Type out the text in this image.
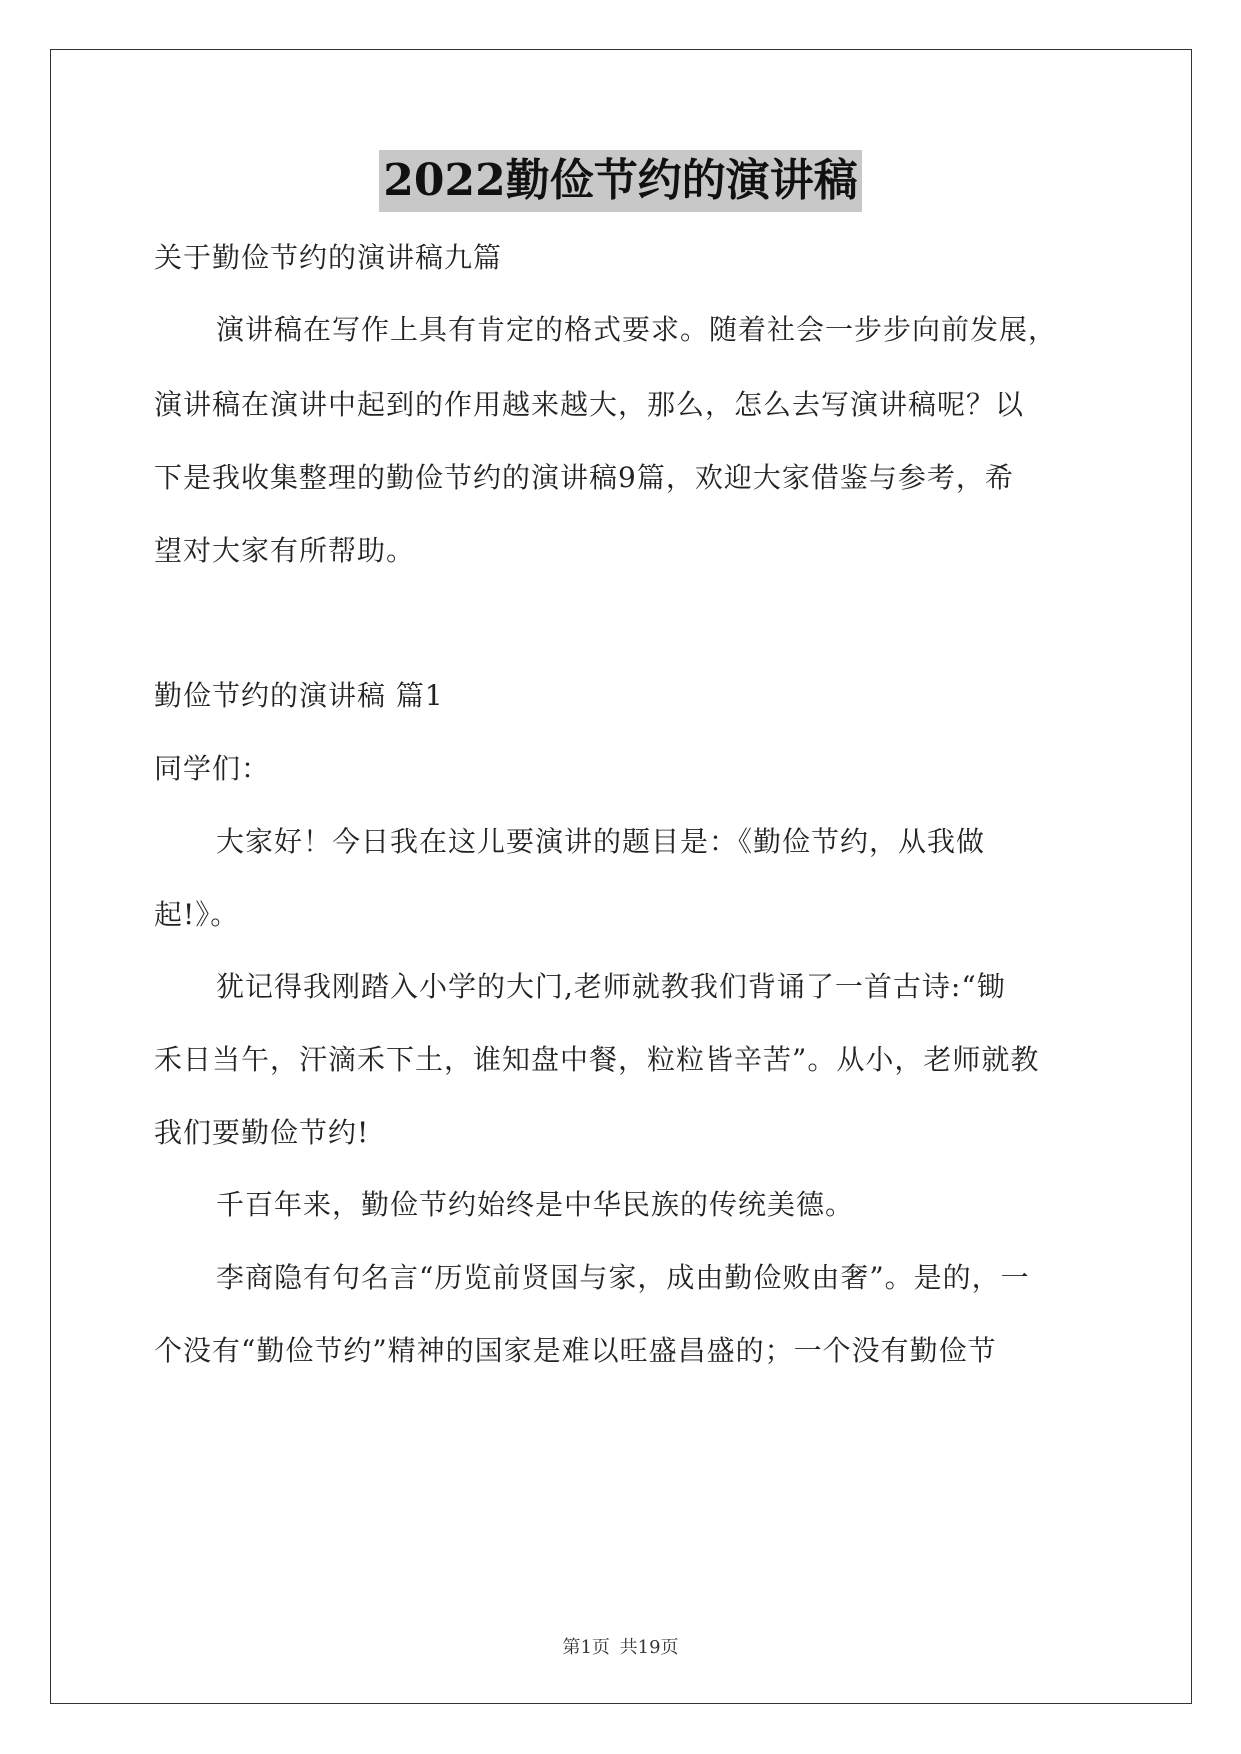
2022勤俭节约的演讲稿
关于勤俭节约的演讲稿九篇
演讲稿在写作上具有肯定的格式要求。随着社会一步步向前发展，
演讲稿在演讲中起到的作用越来越大，那么，怎么去写演讲稿呢？以
下是我收集整理的勤俭节约的演讲稿9篇，欢迎大家借鉴与参考，希
望对大家有所帮助。
勤俭节约的演讲稿 篇1
同学们：
大家好！今日我在这儿要演讲的题目是：《勤俭节约，从我做
起!》。
犹记得我刚踏入小学的大门,老师就教我们背诵了一首古诗:“锄
禾日当午，汗滴禾下土，谁知盘中餐，粒粒皆辛苦”。从小，老师就教
我们要勤俭节约!
千百年来，勤俭节约始终是中华民族的传统美德。
李商隐有句名言“历览前贤国与家，成由勤俭败由奢”。是的，一
个没有“勤俭节约”精神的国家是难以旺盛昌盛的；一个没有勤俭节
第1页 共19页
